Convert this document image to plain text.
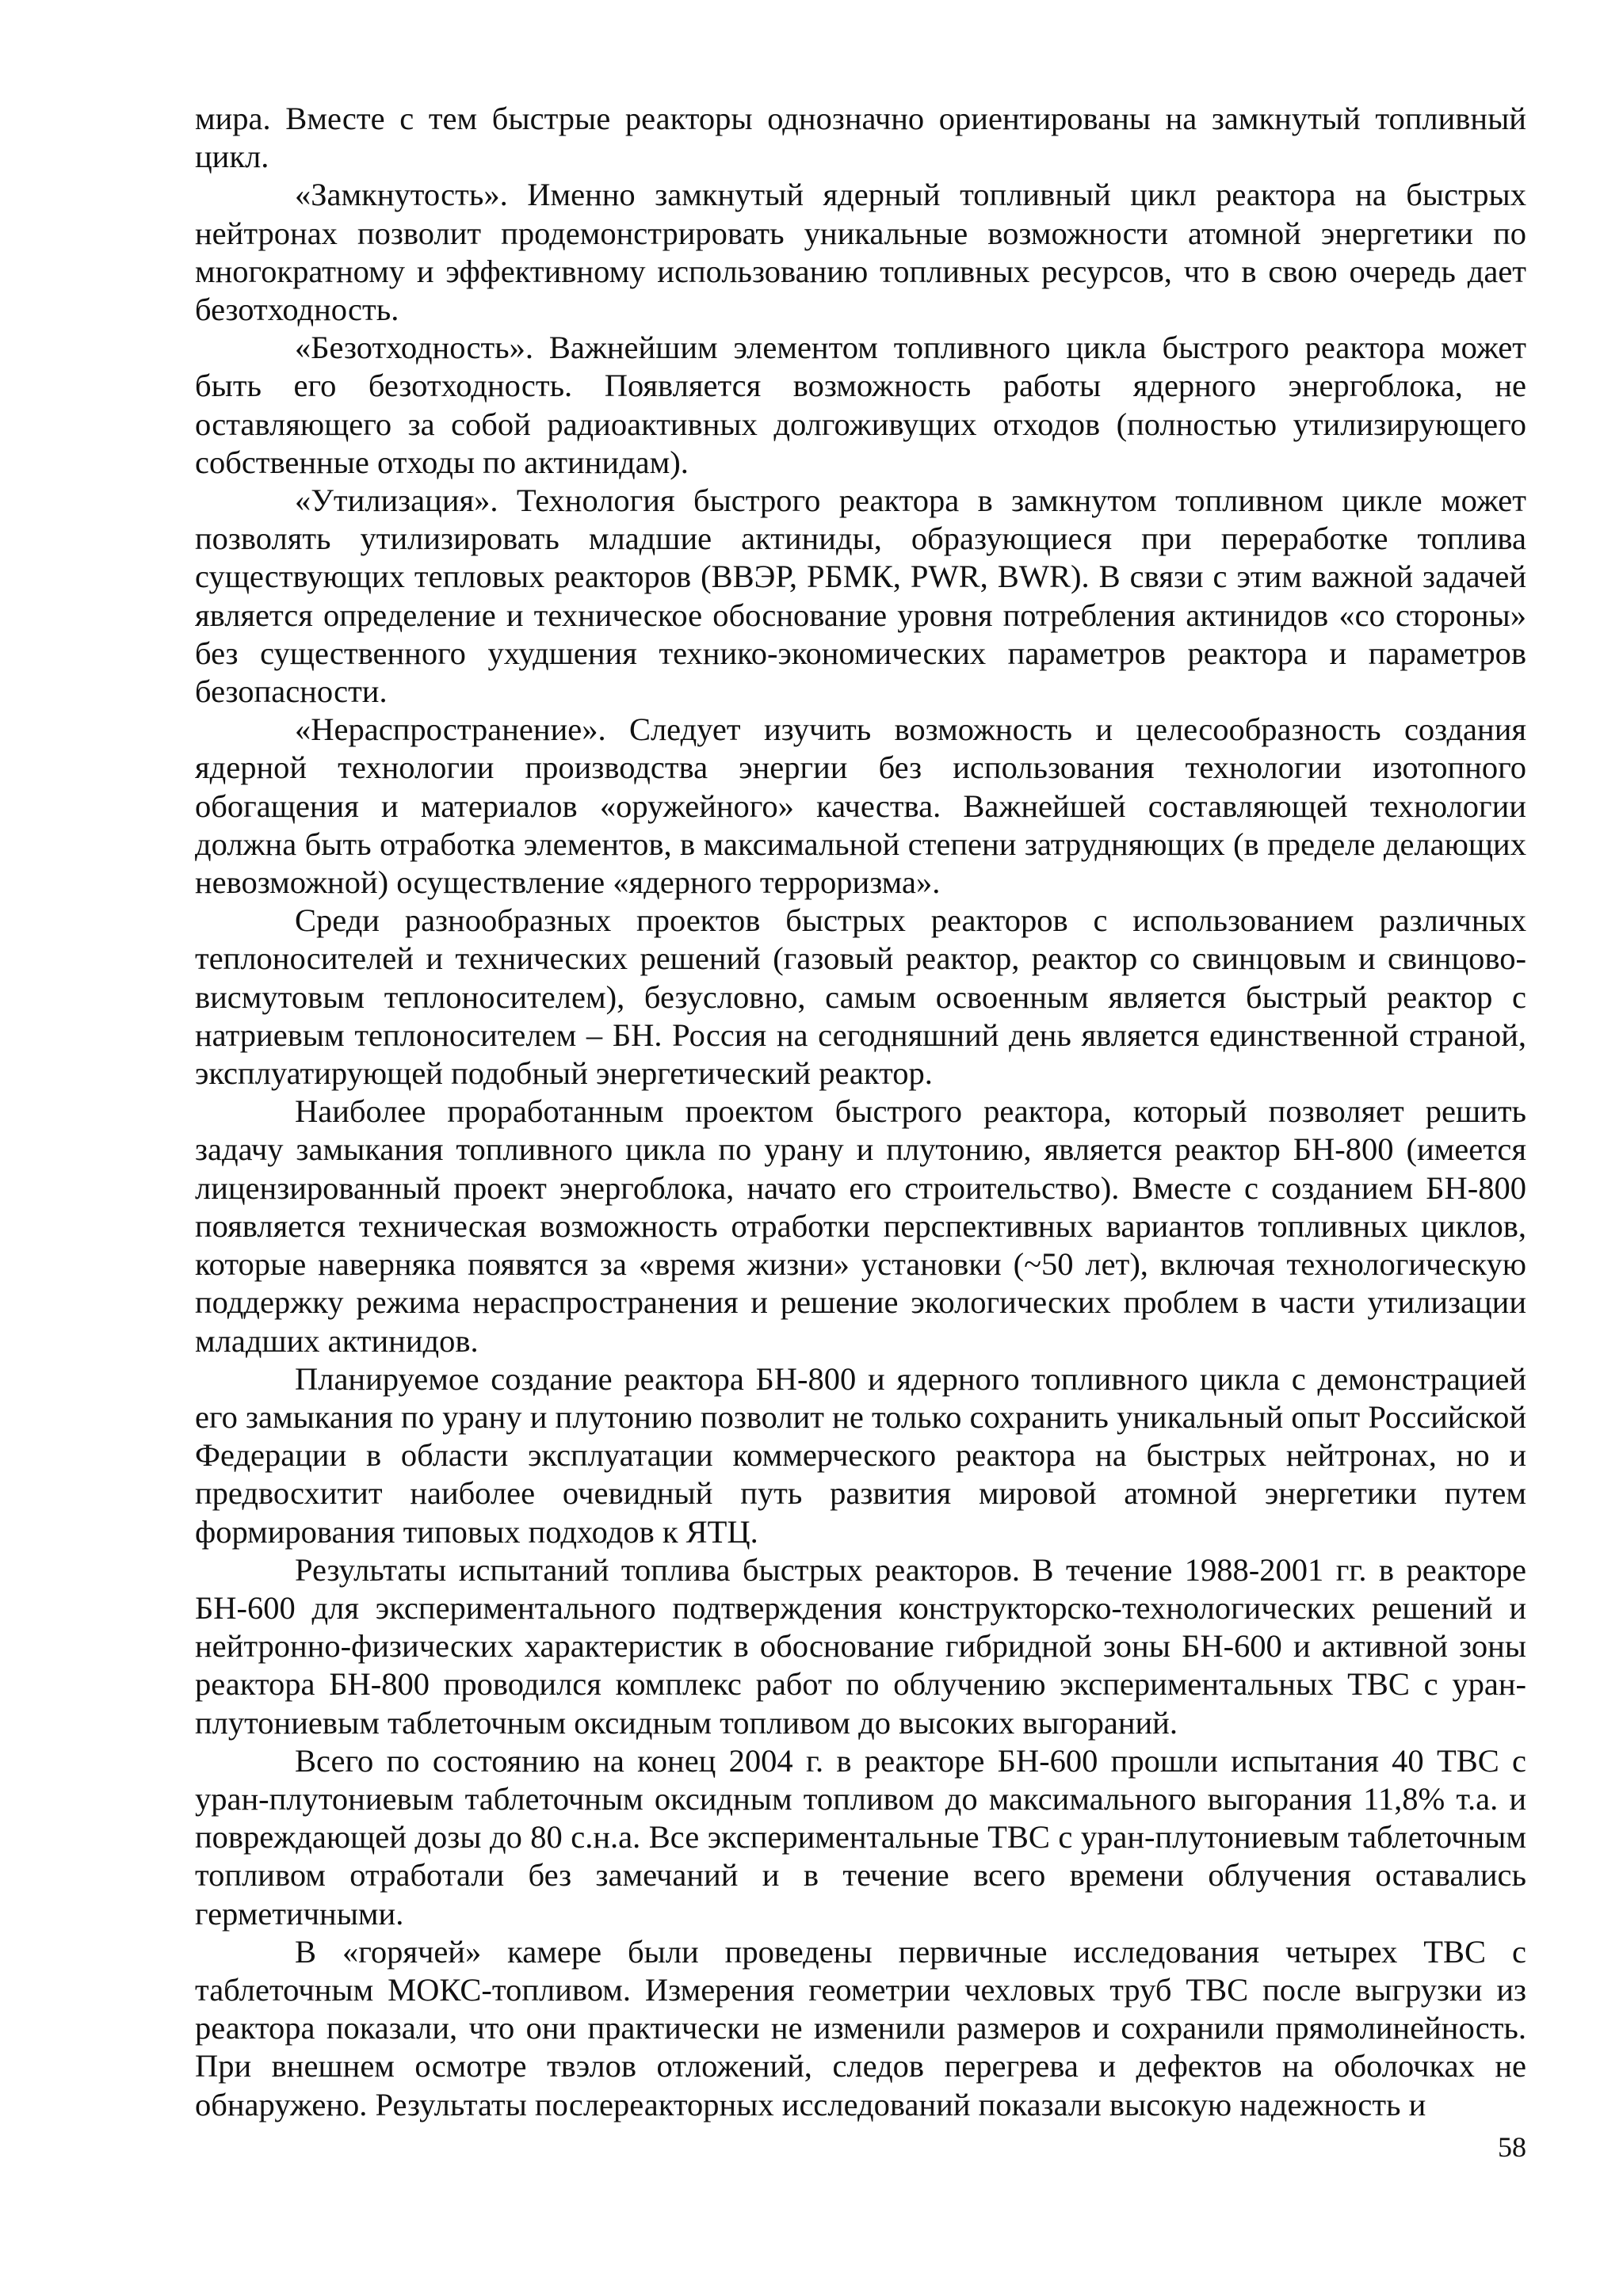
мира. Вместе с тем быстрые реакторы однозначно ориентированы на замкнутый топливный цикл.

«Замкнутость». Именно замкнутый ядерный топливный цикл реактора на быстрых нейтронах позволит продемонстрировать уникальные возможности атомной энергетики по многократному и эффективному использованию топливных ресурсов, что в свою очередь дает безотходность.

«Безотходность». Важнейшим элементом топливного цикла быстрого реактора может быть его безотходность. Появляется возможность работы ядерного энергоблока, не оставляющего за собой радиоактивных долгоживущих отходов (полностью утилизирующего собственные отходы по актинидам).

«Утилизация». Технология быстрого реактора в замкнутом топливном цикле может позволять утилизировать младшие актиниды, образующиеся при переработке топлива существующих тепловых реакторов (ВВЭР, РБМК, PWR, BWR). В связи с этим важной задачей является определение и техническое обоснование уровня потребления актинидов «со стороны» без существенного ухудшения технико-экономических параметров реактора и параметров безопасности.

«Нераспространение». Следует изучить возможность и целесообразность создания ядерной технологии производства энергии без использования технологии изотопного обогащения и материалов «оружейного» качества. Важнейшей составляющей технологии должна быть отработка элементов, в максимальной степени затрудняющих (в пределе делающих невозможной) осуществление «ядерного терроризма».

Среди разнообразных проектов быстрых реакторов с использованием различных теплоносителей и технических решений (газовый реактор, реактор со свинцовым и свинцово-висмутовым теплоносителем), безусловно, самым освоенным является быстрый реактор с натриевым теплоносителем – БН. Россия на сегодняшний день является единственной страной, эксплуатирующей подобный энергетический реактор.

Наиболее проработанным проектом быстрого реактора, который позволяет решить задачу замыкания топливного цикла по урану и плутонию, является реактор БН-800 (имеется лицензированный проект энергоблока, начато его строительство). Вместе с созданием БН-800 появляется техническая возможность отработки перспективных вариантов топливных циклов, которые наверняка появятся за «время жизни» установки (~50 лет), включая технологическую поддержку режима нераспространения и решение экологических проблем в части утилизации младших актинидов.

Планируемое создание реактора БН-800 и ядерного топливного цикла с демонстрацией его замыкания по урану и плутонию позволит не только сохранить уникальный опыт Российской Федерации в области эксплуатации коммерческого реактора на быстрых нейтронах, но и предвосхитит наиболее очевидный путь развития мировой атомной энергетики путем формирования типовых подходов к ЯТЦ.

Результаты испытаний топлива быстрых реакторов. В течение 1988-2001 гг. в реакторе БН-600 для экспериментального подтверждения конструкторско-технологических решений и нейтронно-физических характеристик в обоснование гибридной зоны БН-600 и активной зоны реактора БН-800 проводился комплекс работ по облучению экспериментальных ТВС с уран-плутониевым таблеточным оксидным топливом до высоких выгораний.

Всего по состоянию на конец 2004 г. в реакторе БН-600 прошли испытания 40 ТВС с уран-плутониевым таблеточным оксидным топливом до максимального выгорания 11,8% т.а. и повреждающей дозы до 80 с.н.а. Все экспериментальные ТВС с уран-плутониевым таблеточным топливом отработали без замечаний и в течение всего времени облучения оставались герметичными.

В «горячей» камере были проведены первичные исследования четырех ТВС с таблеточным МОКС-топливом. Измерения геометрии чехловых труб ТВС после выгрузки из реактора показали, что они практически не изменили размеров и сохранили прямолинейность. При внешнем осмотре твэлов отложений, следов перегрева и дефектов на оболочках не обнаружено. Результаты послереакторных исследований показали высокую надежность и

58
